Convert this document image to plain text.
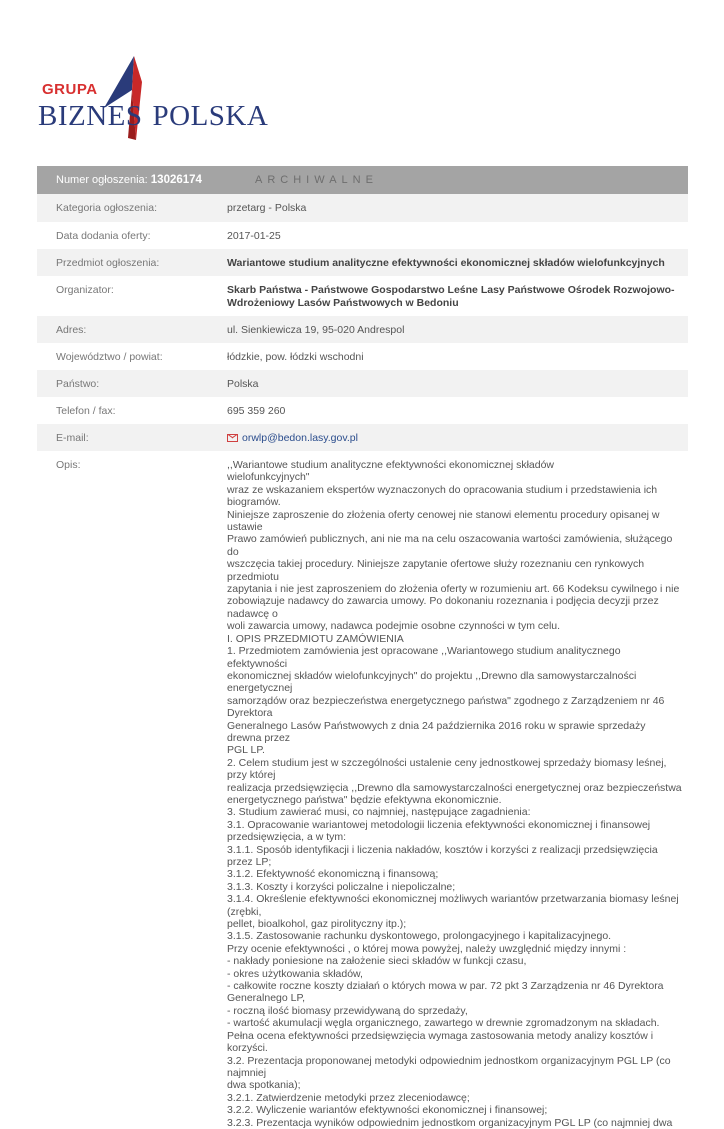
GRUPA
BIZNES POLSKA
Numer ogłoszenia: 13026174	ARCHIWALNE
Kategoria ogłoszenia:	przetarg - Polska
Data dodania oferty:	2017-01-25
Przedmiot ogłoszenia:	Wariantowe studium analityczne efektywności ekonomicznej składów wielofunkcyjnych
Organizator:	Skarb Państwa - Państwowe Gospodarstwo Leśne Lasy Państwowe Ośrodek Rozwojowo-Wdrożeniowy Lasów Państwowych w Bedoniu
Adres:	ul. Sienkiewicza 19, 95-020 Andrespol
Województwo / powiat:	łódzkie, pow. łódzki wschodni
Państwo:	Polska
Telefon / fax:	695 359 260
E-mail:	orwlp@bedon.lasy.gov.pl
Opis:	,,Wariantowe studium analityczne efektywności ekonomicznej składów

wielofunkcyjnych"

wraz ze wskazaniem ekspertów wyznaczonych do opracowania studium i przedstawienia ich biogramów.

Niniejsze zaproszenie do złożenia oferty cenowej nie stanowi elementu procedury opisanej w ustawie

Prawo zamówień publicznych, ani nie ma na celu oszacowania wartości zamówienia, służącego do

wszczęcia takiej procedury. Niniejsze zapytanie ofertowe służy rozeznaniu cen rynkowych przedmiotu

zapytania i nie jest zaproszeniem do złożenia oferty w rozumieniu art. 66 Kodeksu cywilnego i nie

zobowiązuje nadawcy do zawarcia umowy. Po dokonaniu rozeznania i podjęcia decyzji przez nadawcę o

woli zawarcia umowy, nadawca podejmie osobne czynności w tym celu.

I. OPIS PRZEDMIOTU ZAMÓWIENIA

1. Przedmiotem zamówienia jest opracowane ,,Wariantowego studium analitycznego efektywności

ekonomicznej składów wielofunkcyjnych" do projektu ,,Drewno dla samowystarczalności energetycznej

samorządów oraz bezpieczeństwa energetycznego państwa" zgodnego z Zarządzeniem nr 46 Dyrektora

Generalnego Lasów Państwowych z dnia 24 października 2016 roku w sprawie sprzedaży drewna przez

PGL LP.

2. Celem studium jest w szczególności ustalenie ceny jednostkowej sprzedaży biomasy leśnej, przy której

realizacja przedsięwzięcia ,,Drewno dla samowystarczalności energetycznej oraz bezpieczeństwa

energetycznego państwa" będzie efektywna ekonomicznie.

3. Studium zawierać musi, co najmniej, następujące zagadnienia:

3.1. Opracowanie wariantowej metodologii liczenia efektywności ekonomicznej i finansowej

przedsięwzięcia, a w tym:

3.1.1. Sposób identyfikacji i liczenia nakładów, kosztów i korzyści z realizacji przedsięwzięcia przez LP;

3.1.2. Efektywność ekonomiczną i finansową;

3.1.3. Koszty i korzyści policzalne i niepoliczalne;

3.1.4. Określenie efektywności ekonomicznej możliwych wariantów przetwarzania biomasy leśnej (zrębki,

pellet, bioalkohol, gaz pirolityczny itp.);

3.1.5. Zastosowanie rachunku dyskontowego, prolongacyjnego i kapitalizacyjnego.

Przy ocenie efektywności , o której mowa powyżej, należy uwzględnić między innymi :

- nakłady poniesione na założenie sieci składów w funkcji czasu,

- okres użytkowania składów,

- całkowite roczne koszty działań o których mowa w par. 72 pkt 3 Zarządzenia nr 46 Dyrektora

Generalnego LP,

- roczną ilość biomasy przewidywaną do sprzedaży,

- wartość akumulacji węgla organicznego, zawartego w drewnie zgromadzonym na składach.

Pełna ocena efektywności przedsięwzięcia wymaga zastosowania metody analizy kosztów i korzyści.

3.2. Prezentacja proponowanej metodyki odpowiednim jednostkom organizacyjnym PGL LP (co najmniej

dwa spotkania);

3.2.1. Zatwierdzenie metodyki przez zleceniodawcę;

3.2.2. Wyliczenie wariantów efektywności ekonomicznej i finansowej;

3.2.3. Prezentacja wyników odpowiednim jednostkom organizacyjnym PGL LP (co najmniej dwa
